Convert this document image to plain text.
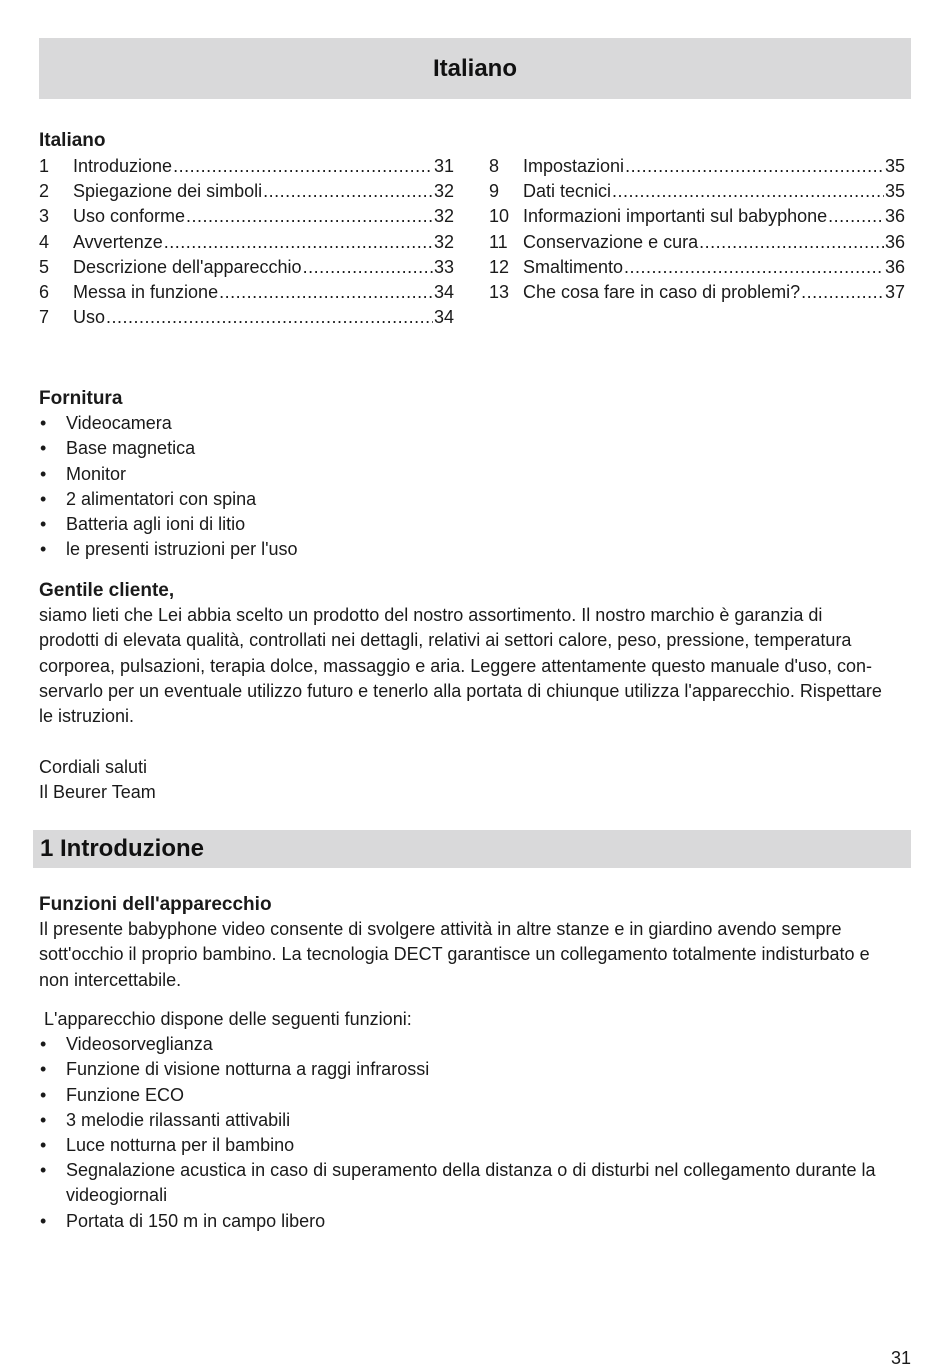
Italiano
Italiano
1	Introduzione .....	31
2	Spiegazione dei simboli .....	32
3	Uso conforme .....	32
4	Avvertenze .....	32
5	Descrizione dell'apparecchio .....	33
6	Messa in funzione .....	34
7	Uso .....	34
8	Impostazioni .....	35
9	Dati tecnici .....	35
10 Informazioni importanti sul babyphone .....	36
11 Conservazione e cura .....	36
12 Smaltimento .....	36
13 Che cosa fare in caso di problemi? .....	37
Fornitura
• Videocamera
• Base magnetica
• Monitor
• 2 alimentatori con spina
• Batteria agli ioni di litio
• le presenti istruzioni per l'uso
Gentile cliente,
siamo lieti che Lei abbia scelto un prodotto del nostro assortimento. Il nostro marchio è garanzia di
prodotti di elevata qualità, controllati nei dettagli, relativi ai settori calore, peso, pressione, temperatura
corporea, pulsazioni, terapia dolce, massaggio e aria. Leggere attentamente questo manuale d'uso, con-
servarlo per un eventuale utilizzo futuro e tenerlo alla portata di chiunque utilizza l'apparecchio. Rispettare
le istruzioni.
Cordiali saluti
Il Beurer Team
1 Introduzione
Funzioni dell'apparecchio
Il presente babyphone video consente di svolgere attività in altre stanze e in giardino avendo sempre
sott'occhio il proprio bambino. La tecnologia DECT garantisce un collegamento totalmente indisturbato e
non intercettabile.

L'apparecchio dispone delle seguenti funzioni:

• Videosorveglianza
• Funzione di visione notturna a raggi infrarossi
• Funzione ECO
• 3 melodie rilassanti attivabili
• Luce notturna per il bambino
• Segnalazione acustica in caso di superamento della distanza o di disturbi nel collegamento durante la
videogiornali
• Portata di 150 m in campo libero
31
